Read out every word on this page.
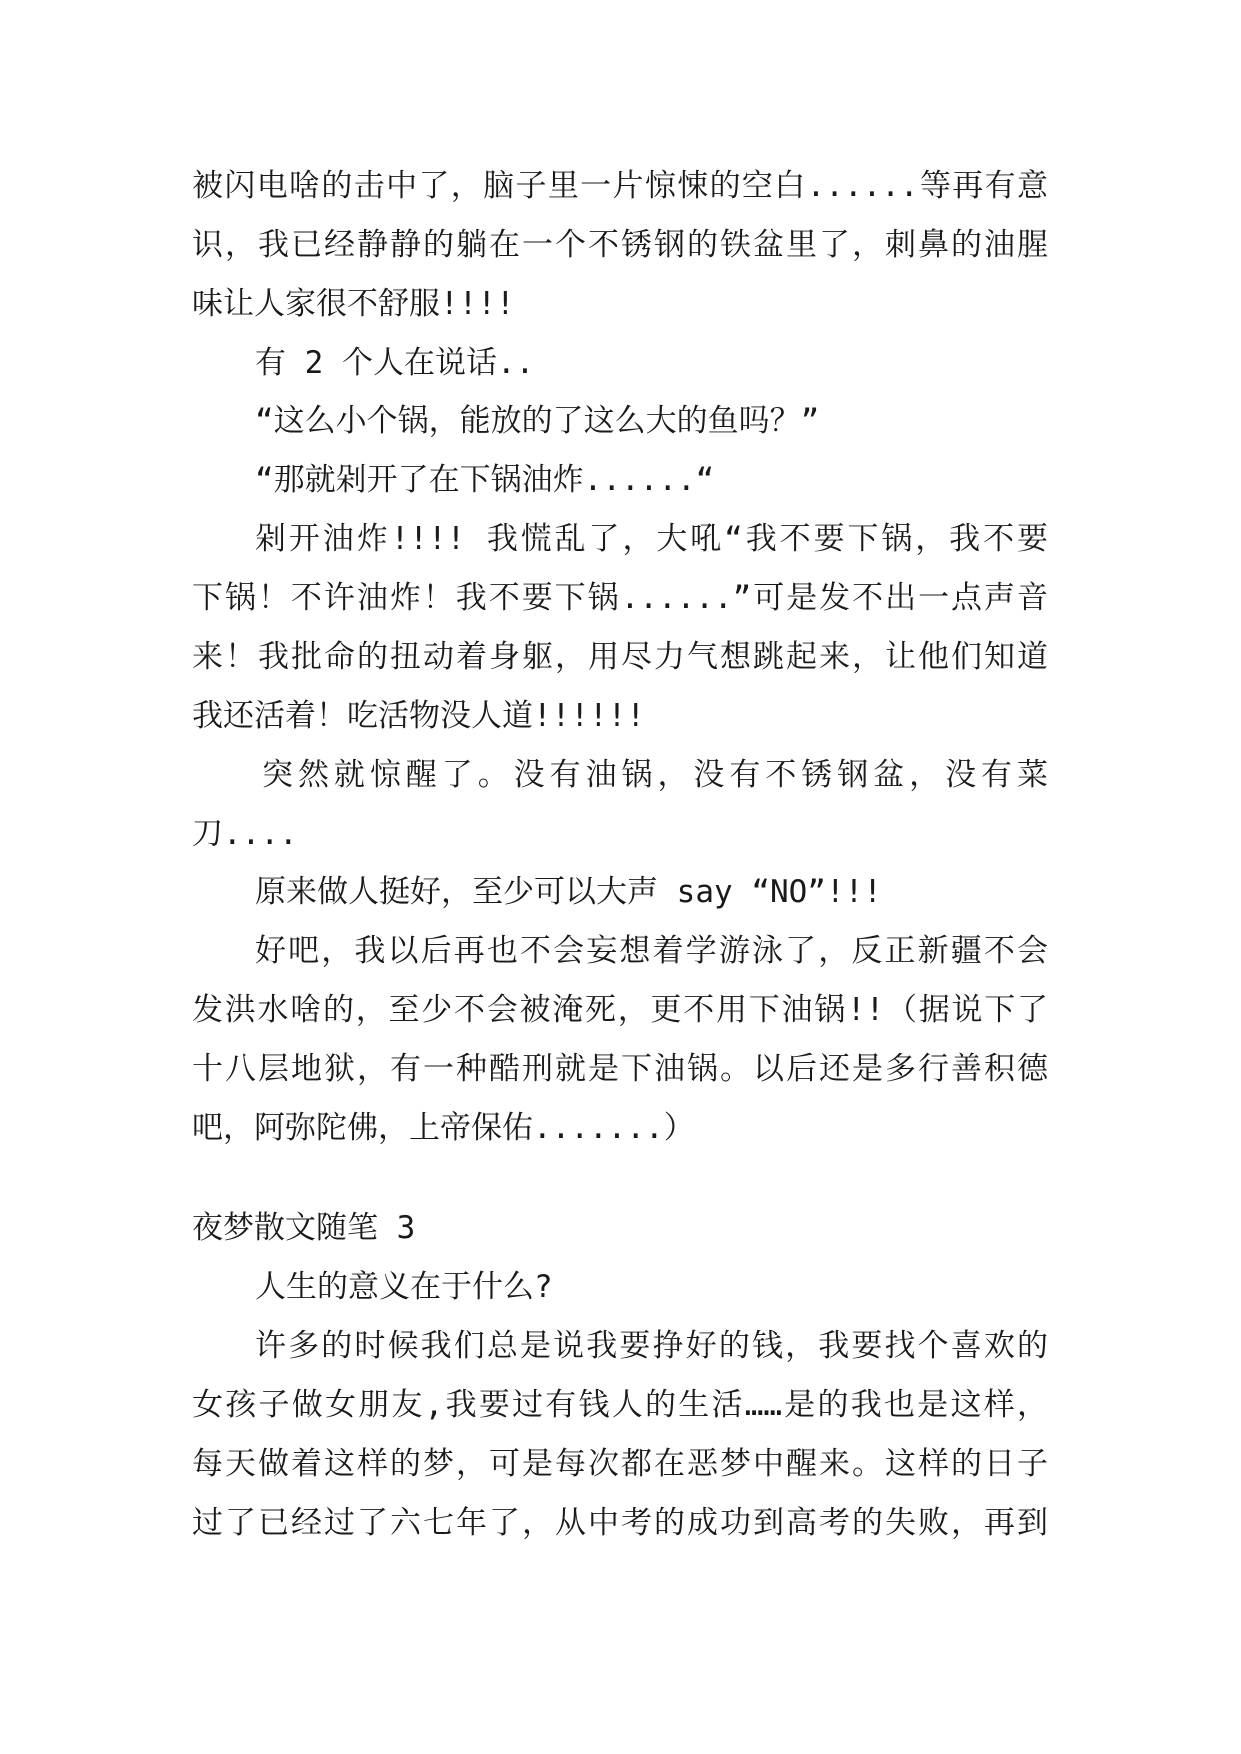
被闪电啥的击中了，脑子里一片惊悚的空白......等再有意
识，我已经静静的躺在一个不锈钢的铁盆里了，刺鼻的油腥
味让人家很不舒服!!!!
有 2 个人在说话..
“这么小个锅，能放的了这么大的鱼吗？”
“那就剁开了在下锅油炸......“
剁开油炸!!!! 我慌乱了，大吼“我不要下锅，我不要
下锅！不许油炸！我不要下锅......”可是发不出一点声音
来！我批命的扭动着身躯，用尽力气想跳起来，让他们知道
我还活着！吃活物没人道!!!!!!
突然就惊醒了。没有油锅，没有不锈钢盆，没有菜
刀....
原来做人挺好，至少可以大声 say “NO”!!!
好吧，我以后再也不会妄想着学游泳了，反正新疆不会
发洪水啥的，至少不会被淹死，更不用下油锅!!（据说下了
十八层地狱，有一种酷刑就是下油锅。以后还是多行善积德
吧，阿弥陀佛，上帝保佑.......）
夜梦散文随笔 3
人生的意义在于什么?
许多的时候我们总是说我要挣好的钱，我要找个喜欢的
女孩子做女朋友,我要过有钱人的生活……是的我也是这样，
每天做着这样的梦，可是每次都在恶梦中醒来。这样的日子
过了已经过了六七年了，从中考的成功到高考的失败，再到
